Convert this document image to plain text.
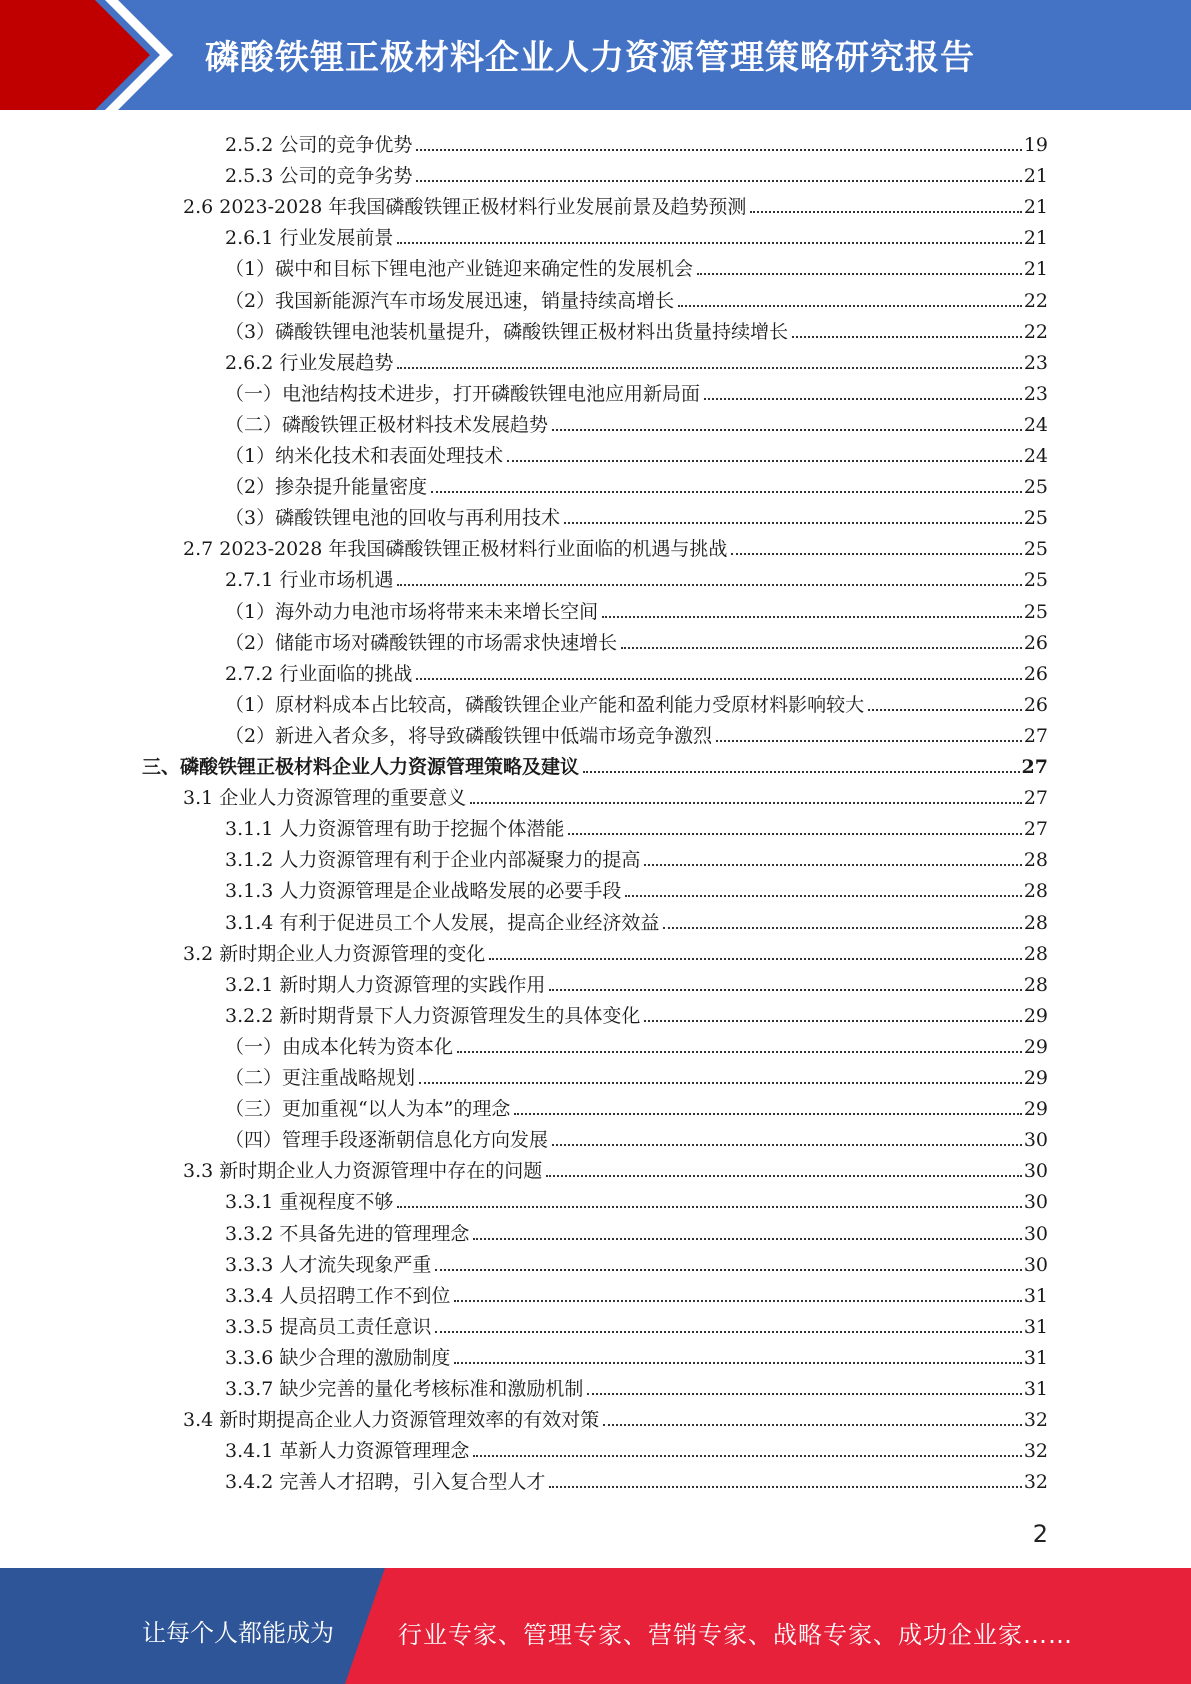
磷酸铁锂正极材料企业人力资源管理策略研究报告
2.5.2 公司的竞争优势	19
2.5.3 公司的竞争劣势	21
2.6 2023-2028 年我国磷酸铁锂正极材料行业发展前景及趋势预测	21
2.6.1 行业发展前景	21
（1）碳中和目标下锂电池产业链迎来确定性的发展机会	21
（2）我国新能源汽车市场发展迅速，销量持续高增长	22
（3）磷酸铁锂电池装机量提升，磷酸铁锂正极材料出货量持续增长	22
2.6.2 行业发展趋势	23
（一）电池结构技术进步，打开磷酸铁锂电池应用新局面	23
（二）磷酸铁锂正极材料技术发展趋势	24
（1）纳米化技术和表面处理技术	24
（2）掺杂提升能量密度	25
（3）磷酸铁锂电池的回收与再利用技术	25
2.7 2023-2028 年我国磷酸铁锂正极材料行业面临的机遇与挑战	25
2.7.1 行业市场机遇	25
（1）海外动力电池市场将带来未来增长空间	25
（2）储能市场对磷酸铁锂的市场需求快速增长	26
2.7.2 行业面临的挑战	26
（1）原材料成本占比较高，磷酸铁锂企业产能和盈利能力受原材料影响较大	26
（2）新进入者众多，将导致磷酸铁锂中低端市场竞争激烈	27
三、磷酸铁锂正极材料企业人力资源管理策略及建议	27
3.1 企业人力资源管理的重要意义	27
3.1.1 人力资源管理有助于挖掘个体潜能	27
3.1.2 人力资源管理有利于企业内部凝聚力的提高	28
3.1.3 人力资源管理是企业战略发展的必要手段	28
3.1.4 有利于促进员工个人发展，提高企业经济效益	28
3.2 新时期企业人力资源管理的变化	28
3.2.1 新时期人力资源管理的实践作用	28
3.2.2 新时期背景下人力资源管理发生的具体变化	29
（一）由成本化转为资本化	29
（二）更注重战略规划	29
（三）更加重视“以人为本”的理念	29
（四）管理手段逐渐朝信息化方向发展	30
3.3 新时期企业人力资源管理中存在的问题	30
3.3.1 重视程度不够	30
3.3.2 不具备先进的管理理念	30
3.3.3 人才流失现象严重	30
3.3.4 人员招聘工作不到位	31
3.3.5 提高员工责任意识	31
3.3.6 缺少合理的激励制度	31
3.3.7 缺少完善的量化考核标准和激励机制	31
3.4 新时期提高企业人力资源管理效率的有效对策	32
3.4.1 革新人力资源管理理念	32
3.4.2 完善人才招聘，引入复合型人才	32
2
让每个人都能成为	行业专家、管理专家、营销专家、战略专家、成功企业家……
